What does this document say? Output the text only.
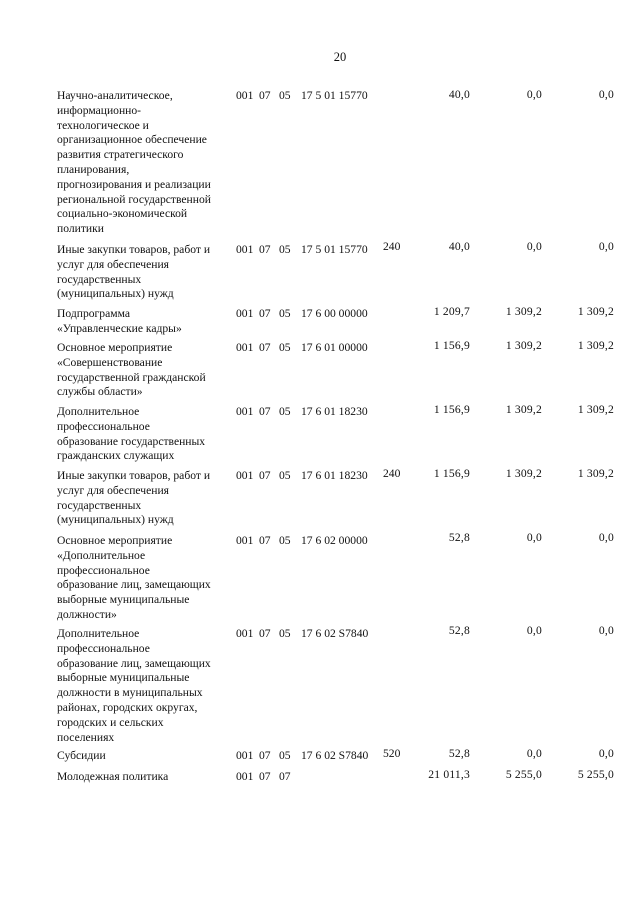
20
Научно-аналитическое,
информационно-
технологическое и
организационное обеспечение
развития стратегического
планирования,
прогнозирования и реализации
региональной государственной
социально-экономической
политики
001 07 05 17 5 01 15770	40,0	0,0	0,0
Иные закупки товаров, работ и
услуг для обеспечения
государственных
(муниципальных) нужд
001 07 05 17 5 01 15770 240	40,0	0,0	0,0
Подпрограмма
«Управленческие кадры»
001 07 05 17 6 00 00000	1 209,7	1 309,2	1 309,2
Основное мероприятие
«Совершенствование
государственной гражданской
службы области»
001 07 05 17 6 01 00000	1 156,9	1 309,2	1 309,2
Дополнительное
профессиональное
образование государственных
гражданских служащих
001 07 05 17 6 01 18230	1 156,9	1 309,2	1 309,2
Иные закупки товаров, работ и
услуг для обеспечения
государственных
(муниципальных) нужд
001 07 05 17 6 01 18230 240	1 156,9	1 309,2	1 309,2
Основное мероприятие
«Дополнительное
профессиональное
образование лиц, замещающих
выборные муниципальные
должности»
001 07 05 17 6 02 00000	52,8	0,0	0,0
Дополнительное
профессиональное
образование лиц, замещающих
выборные муниципальные
должности в муниципальных
районах, городских округах,
городских и сельских
поселениях
001 07 05 17 6 02 S7840	52,8	0,0	0,0
Субсидии	001 07 05 17 6 02 S7840 520	52,8	0,0	0,0
Молодежная политика	001 07 07	21 011,3	5 255,0	5 255,0
